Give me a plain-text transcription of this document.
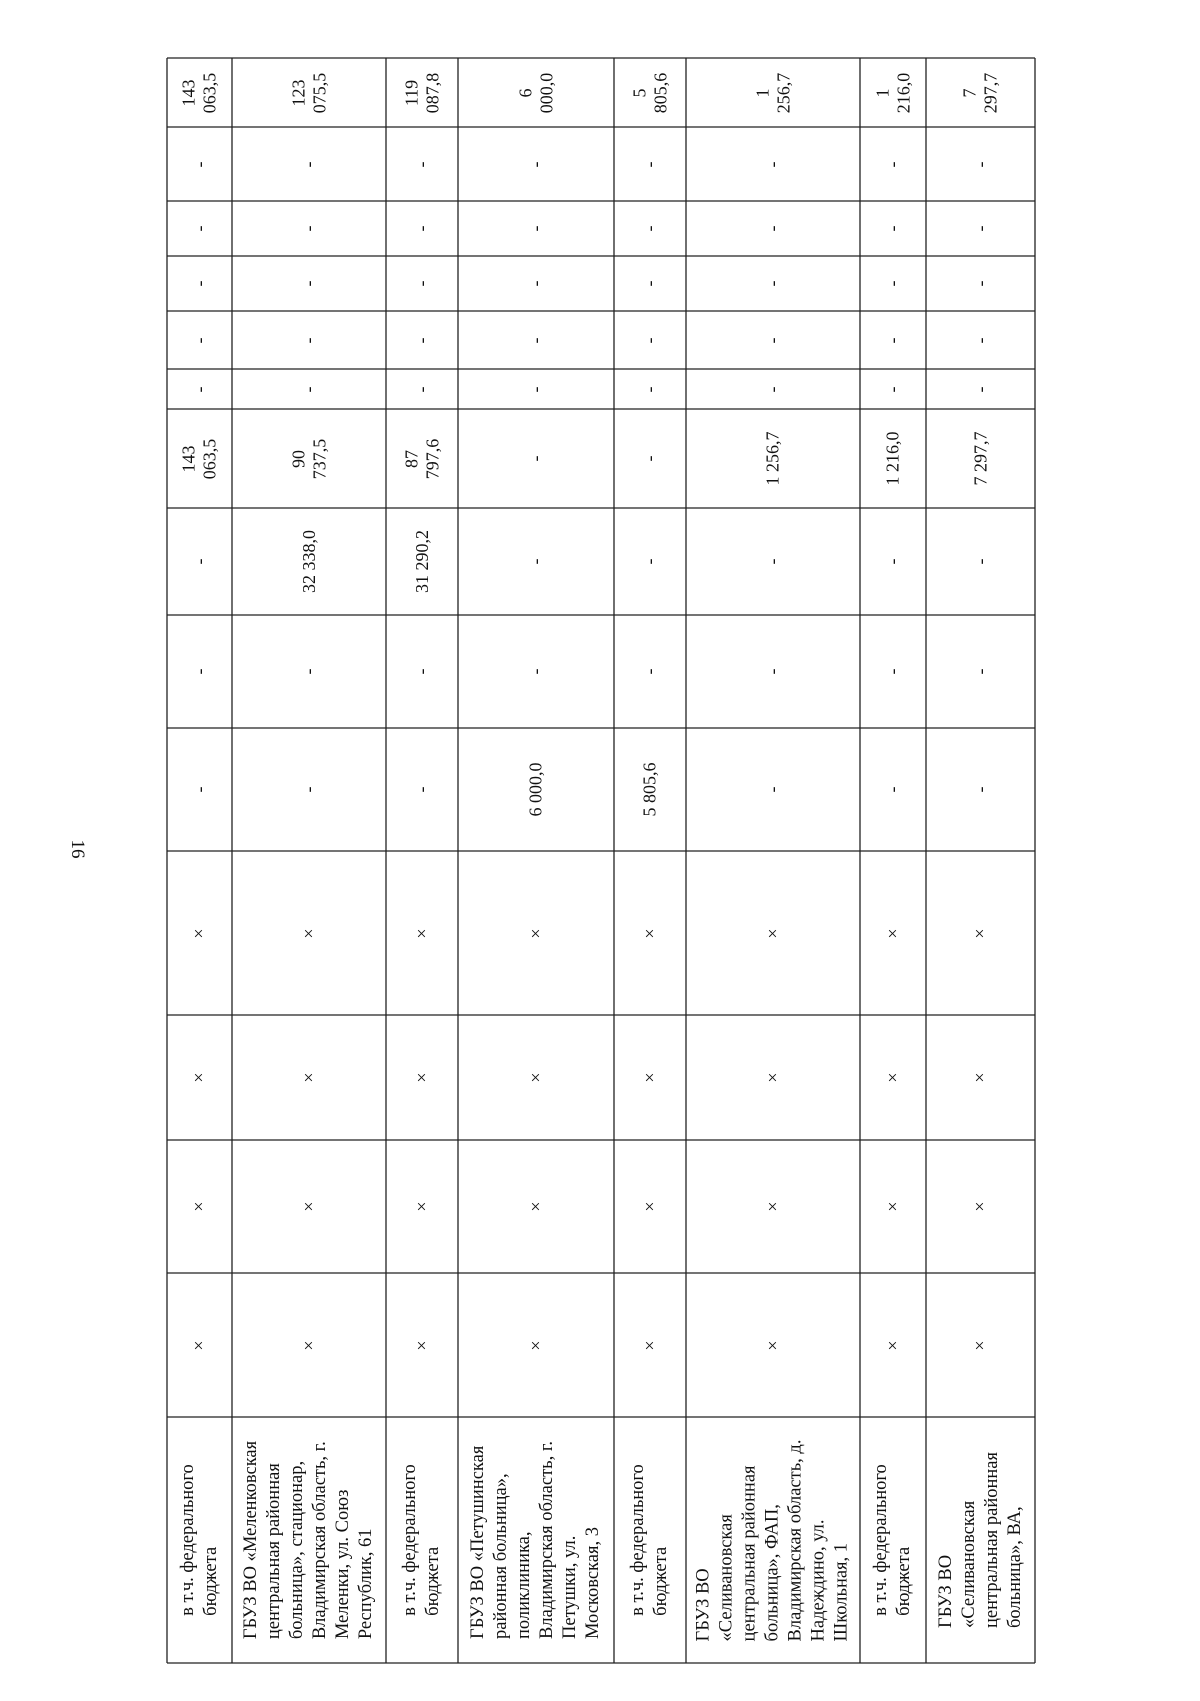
16
в т.ч. федерального
бюджета
×
×
×
×
-
-
-
143
063,5
-
-
-
-
-
143
063,5
ГБУЗ ВО «Меленковская
центральная районная
больница», стационар,
Владимирская область, г.
Меленки, ул. Союз
Республик, 61
×
×
×
×
-
-
32 338,0
90
737,5
-
-
-
-
-
123
075,5
в т.ч. федерального
бюджета
×
×
×
×
-
-
31 290,2
87
797,6
-
-
-
-
-
119
087,8
ГБУЗ ВО «Петушинская
районная больница»,
поликлиника,
Владимирская область, г.
Петушки, ул.
Московская, 3
×
×
×
×
6 000,0
-
-
-
-
-
-
-
-
6
000,0
в т.ч. федерального
бюджета
×
×
×
×
5 805,6
-
-
-
-
-
-
-
-
5
805,6
ГБУЗ ВО
«Селивановская
центральная районная
больница», ФАП,
Владимирская область, д.
Надеждино, ул.
Школьная, 1
×
×
×
×
-
-
-
1 256,7
-
-
-
-
-
1
256,7
в т.ч. федерального
бюджета
×
×
×
×
-
-
-
1 216,0
-
-
-
-
-
1
216,0
ГБУЗ ВО
«Селивановская
центральная районная
больница», ВА,
×
×
×
×
-
-
-
7 297,7
-
-
-
-
-
7
297,7
